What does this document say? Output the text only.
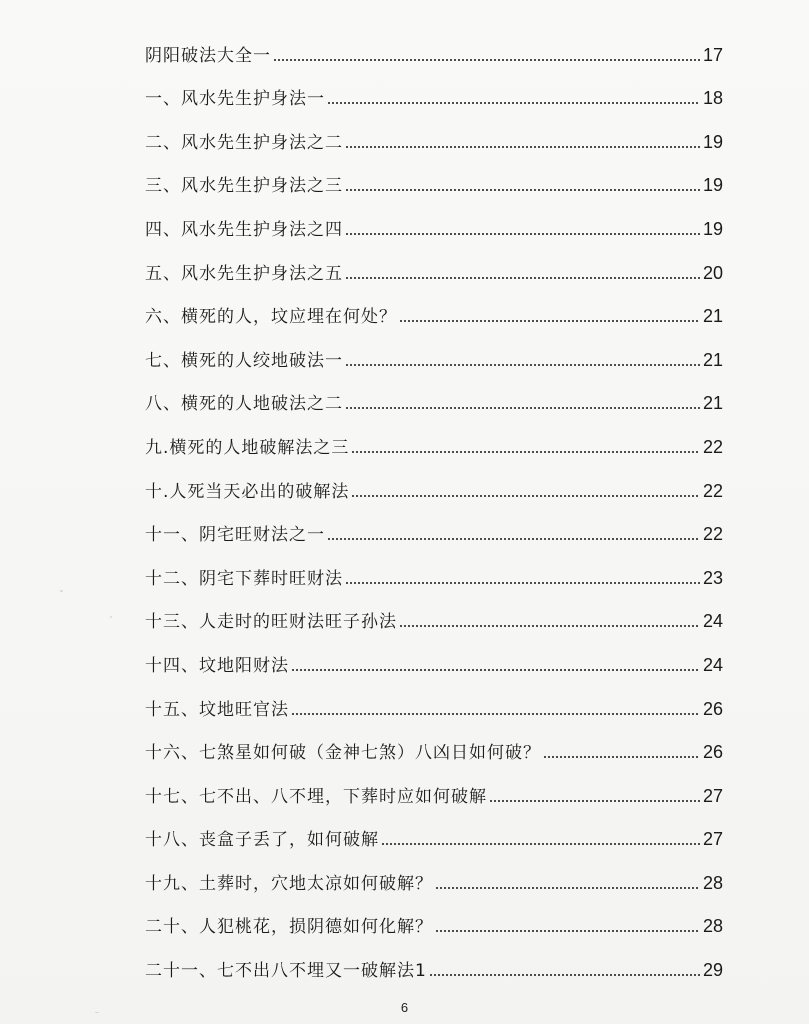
阴阳破法大全一	17
一、风水先生护身法一	18
二、风水先生护身法之二	19
三、风水先生护身法之三	19
四、风水先生护身法之四	19
五、风水先生护身法之五	20
六、横死的人，坟应埋在何处？	21
七、横死的人绞地破法一	21
八、横死的人地破法之二	21
九.横死的人地破解法之三	22
十.人死当天必出的破解法	22
十一、阴宅旺财法之一	22
十二、阴宅下葬时旺财法	23
十三、人走时的旺财法旺子孙法	24
十四、坟地阳财法	24
十五、坟地旺官法	26
十六、七煞星如何破（金神七煞）八凶日如何破？	26
十七、七不出、八不埋，下葬时应如何破解	27
十八、丧盒子丢了，如何破解	27
十九、土葬时，穴地太凉如何破解？	28
二十、人犯桃花，损阴德如何化解？	28
二十一、七不出八不埋又一破解法1	29
6
